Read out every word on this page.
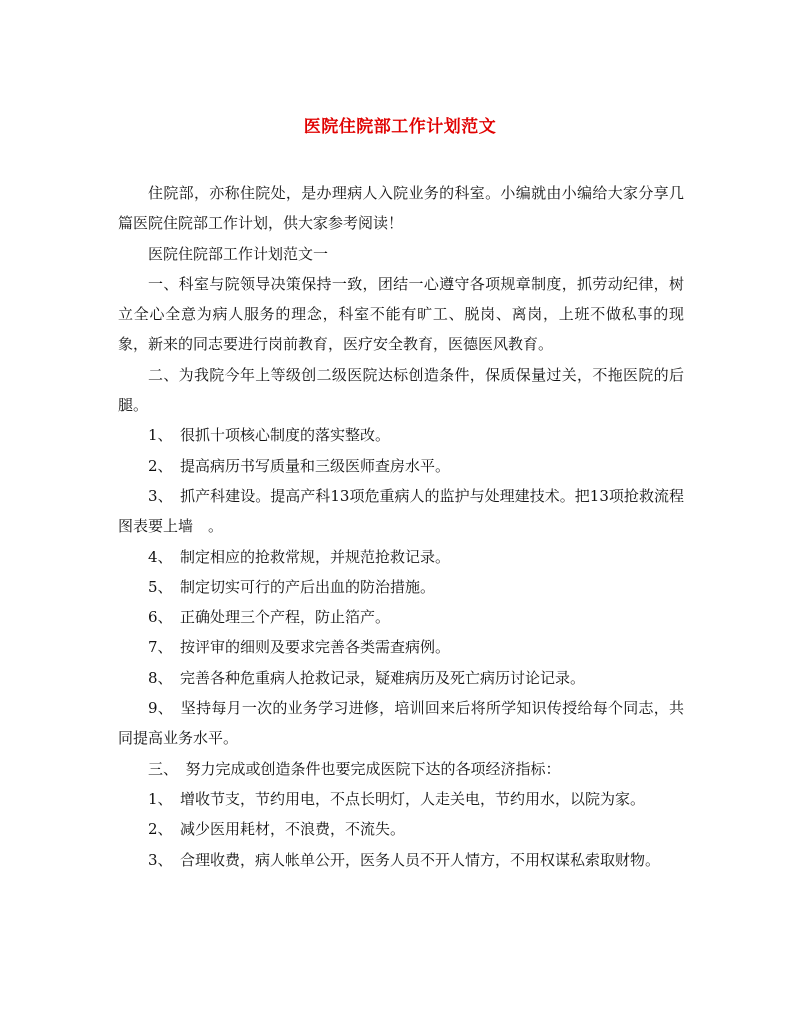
医院住院部工作计划范文

住院部，亦称住院处，是办理病人入院业务的科室。小编就由小编给大家分享几篇医院住院部工作计划，供大家参考阅读！

医院住院部工作计划范文一

一、科室与院领导决策保持一致，团结一心遵守各项规章制度，抓劳动纪律，树立全心全意为病人服务的理念，科室不能有旷工、脱岗、离岗，上班不做私事的现象，新来的同志要进行岗前教育，医疗安全教育，医德医风教育。

二、为我院今年上等级创二级医院达标创造条件，保质保量过关，不拖医院的后腿。

1、　很抓十项核心制度的落实整改。

2、　提高病历书写质量和三级医师查房水平。

3、　抓产科建设。提高产科13项危重病人的监护与处理建技术。把13项抢救流程图表要上墙　。

4、　制定相应的抢救常规，并规范抢救记录。

5、　制定切实可行的产后出血的防治措施。

6、　正确处理三个产程，防止箔产。

7、　按评审的细则及要求完善各类需查病例。

8、　完善各种危重病人抢救记录，疑难病历及死亡病历讨论记录。

9、　坚持每月一次的业务学习进修，培训回来后将所学知识传授给每个同志，共同提高业务水平。

三、　努力完成或创造条件也要完成医院下达的各项经济指标：

1、　增收节支，节约用电，不点长明灯，人走关电，节约用水，以院为家。

2、　减少医用耗材，不浪费，不流失。

3、　合理收费，病人帐单公开，医务人员不开人情方，不用权谋私索取财物。
